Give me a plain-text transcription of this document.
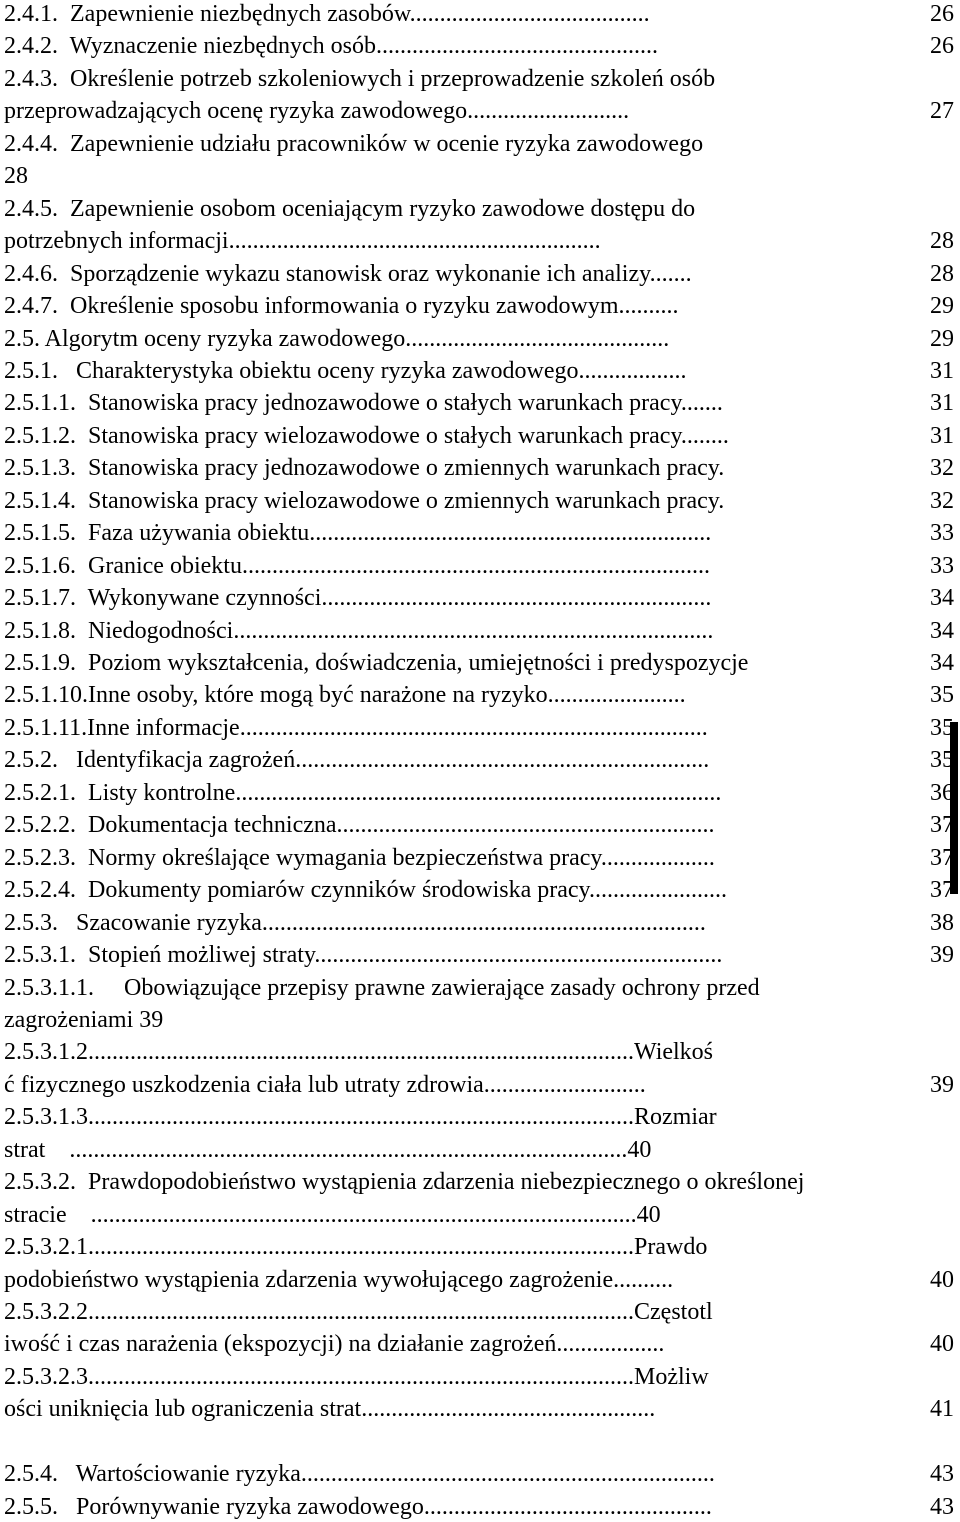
2.4.1.  Zapewnienie niezbędnych zasobów........................................	26
2.4.2.  Wyznaczenie niezbędnych osób...............................................	26
2.4.3.  Określenie potrzeb szkoleniowych i przeprowadzenie szkoleń osób
przeprowadzających ocenę ryzyka zawodowego...........................	27
2.4.4.  Zapewnienie udziału pracowników w ocenie ryzyka zawodowego
28
2.4.5.  Zapewnienie osobom oceniającym ryzyko zawodowe dostępu do
potrzebnych informacji..............................................................	28
2.4.6.  Sporządzenie wykazu stanowisk oraz wykonanie ich analizy.......	28
2.4.7.  Określenie sposobu informowania o ryzyku zawodowym..........	29
2.5. Algorytm oceny ryzyka zawodowego............................................	29
2.5.1.   Charakterystyka obiektu oceny ryzyka zawodowego..................	31
2.5.1.1.  Stanowiska pracy jednozawodowe o stałych warunkach pracy.......	31
2.5.1.2.  Stanowiska pracy wielozawodowe o stałych warunkach pracy........	31
2.5.1.3.  Stanowiska pracy jednozawodowe o zmiennych warunkach pracy.	32
2.5.1.4.  Stanowiska pracy wielozawodowe o zmiennych warunkach pracy.	32
2.5.1.5.  Faza używania obiektu...................................................................	33
2.5.1.6.  Granice obiektu..............................................................................	33
2.5.1.7.  Wykonywane czynności.................................................................	34
2.5.1.8.  Niedogodności................................................................................	34
2.5.1.9.  Poziom wykształcenia, doświadczenia, umiejętności i predyspozycje	34
2.5.1.10.Inne osoby, które mogą być narażone na ryzyko.......................	35
2.5.1.11.Inne informacje..............................................................................	35
2.5.2.   Identyfikacja zagrożeń.....................................................................	35
2.5.2.1.  Listy kontrolne.................................................................................	36
2.5.2.2.  Dokumentacja techniczna...............................................................	37
2.5.2.3.  Normy określające wymagania bezpieczeństwa pracy...................	37
2.5.2.4.  Dokumenty pomiarów czynników środowiska pracy.......................	37
2.5.3.   Szacowanie ryzyka..........................................................................	38
2.5.3.1.  Stopień możliwej straty....................................................................	39
2.5.3.1.1.     Obowiązujące przepisy prawne zawierające zasady ochrony przed
zagrożeniami 39
2.5.3.1.2...........................................................................................Wielkoś
ć fizycznego uszkodzenia ciała lub utraty zdrowia...........................	39
2.5.3.1.3...........................................................................................Rozmiar
strat    .............................................................................................40
2.5.3.2.  Prawdopodobieństwo wystąpienia zdarzenia niebezpiecznego o określonej
stracie    ...........................................................................................40
2.5.3.2.1...........................................................................................Prawdo
podobieństwo wystąpienia zdarzenia wywołującego zagrożenie..........	40
2.5.3.2.2...........................................................................................Częstotl
iwość i czas narażenia (ekspozycji) na działanie zagrożeń..................	40
2.5.3.2.3...........................................................................................Możliw
ości uniknięcia lub ograniczenia strat.................................................	41
2.5.4.   Wartościowanie ryzyka.....................................................................	43
2.5.5.   Porównywanie ryzyka zawodowego................................................	43
